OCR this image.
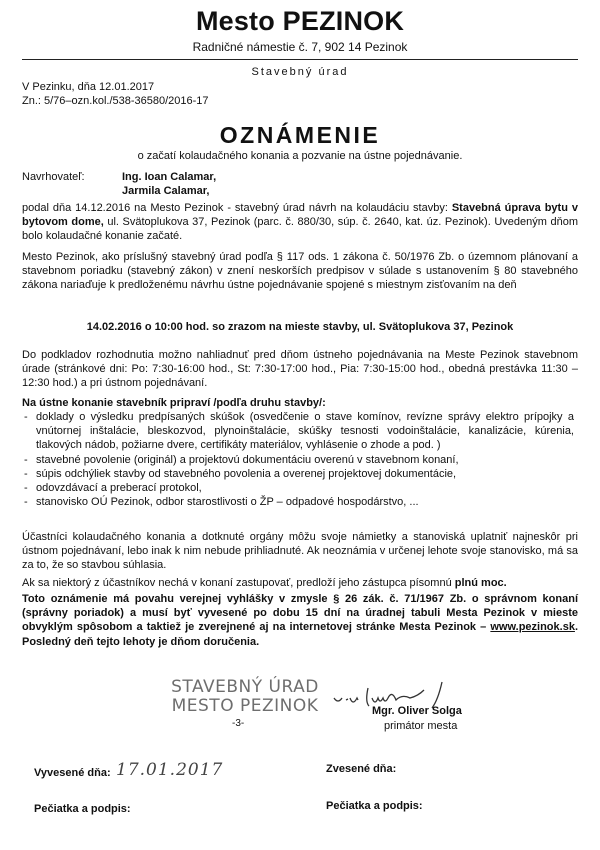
Mesto PEZINOK
Radničné námestie č. 7, 902 14 Pezinok
Stavebný úrad
V Pezinku, dňa 12.01.2017
Zn.: 5/76–ozn.kol./538-36580/2016-17
OZNÁMENIE
o začatí kolaudačného konania a pozvanie na ústne pojednávanie.
Navrhovateľ:	Ing. Ioan Calamar,
Jarmila Calamar,
podal dňa 14.12.2016 na Mesto Pezinok - stavebný úrad návrh na kolaudáciu stavby: Stavebná úprava bytu v bytovom dome, ul. Svätoplukova 37, Pezinok (parc. č. 880/30, súp. č. 2640, kat. úz. Pezinok). Uvedeným dňom bolo kolaudačné konanie začaté.
Mesto Pezinok, ako príslušný stavebný úrad podľa § 117 ods. 1 zákona č. 50/1976 Zb. o územnom plánovaní a stavebnom poriadku (stavebný zákon) v znení neskorších predpisov v súlade s ustanovením § 80 stavebného zákona nariaďuje k predloženému návrhu ústne pojednávanie spojené s miestnym zisťovaním na deň
14.02.2016 o 10:00 hod. so zrazom na mieste stavby, ul. Svätoplukova 37, Pezinok
Do podkladov rozhodnutia možno nahliadnuť pred dňom ústneho pojednávania na Meste Pezinok stavebnom úrade (stránkové dni: Po: 7:30-16:00 hod., St: 7:30-17:00 hod., Pia: 7:30-15:00 hod., obedná prestávka 11:30 – 12:30 hod.) a pri ústnom pojednávaní.
Na ústne konanie stavebník pripraví /podľa druhu stavby/:
- doklady o výsledku predpísaných skúšok (osvedčenie o stave komínov, revízne správy elektro prípojky a vnútornej inštalácie, bleskozvod, plynoinštalácie, skúšky tesnosti vodoinštalácie, kanalizácie, kúrenia, tlakových nádob, požiarne dvere, certifikáty materiálov, vyhlásenie o zhode a pod. )
- stavebné povolenie (originál) a projektovú dokumentáciu overenú v stavebnom konaní,
- súpis odchýliek stavby od stavebného povolenia a overenej projektovej dokumentácie,
- odovzdávací a preberací protokol,
- stanovisko OÚ Pezinok, odbor starostlivosti o ŽP – odpadové hospodárstvo, ...
Účastníci kolaudačného konania a dotknuté orgány môžu svoje námietky a stanoviská uplatniť najneskôr pri ústnom pojednávaní, lebo inak k nim nebude prihliadnuté. Ak neoznámia v určenej lehote svoje stanovisko, má sa za to, že so stavbou súhlasia.
Ak sa niektorý z účastníkov nechá v konaní zastupovať, predloží jeho zástupca písomnú plnú moc.
Toto oznámenie má povahu verejnej vyhlášky v zmysle § 26 zák. č. 71/1967 Zb. o správnom konaní (správny poriadok) a musí byť vyvesené po dobu 15 dní na úradnej tabuli Mesta Pezinok v mieste obvyklým spôsobom a taktiež je zverejnené aj na internetovej stránke Mesta Pezinok – www.pezinok.sk. Posledný deň tejto lehoty je dňom doručenia.
STAVEBNÝ ÚRAD
MESTO PEZINOK
-3-
Mgr. Oliver Solga
primátor mesta
Vyvesené dňa: 17.01.2017	Zvesené dňa:
Pečiatka a podpis:	Pečiatka a podpis:
